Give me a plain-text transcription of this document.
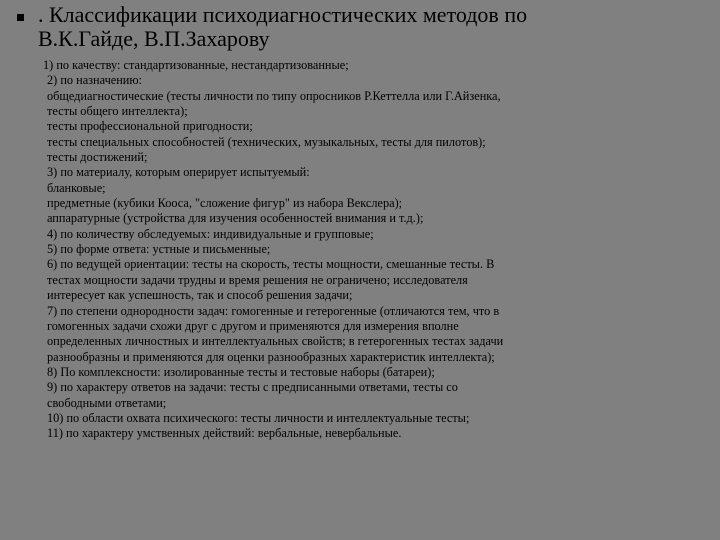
. Классификации психодиагностических методов по
В.К.Гайде, В.П.Захарову
1) по качеству: стандартизованные, нестандартизованные;
2) по назначению:
общедиагностические (тесты личности по типу опросников Р.Кеттелла или Г.Айзенка,
тесты общего интеллекта);
тесты профессиональной пригодности;
тесты специальных способностей (технических, музыкальных, тесты для пилотов);
тесты достижений;
3) по материалу, которым оперирует испытуемый:
бланковые;
предметные (кубики Кооса, "сложение фигур" из набора Векслера);
аппаратурные (устройства для изучения особенностей внимания и т.д.);
4) по количеству обследуемых: индивидуальные и групповые;
5) по форме ответа: устные и письменные;
6) по ведущей ориентации: тесты на скорость, тесты мощности, смешанные тесты. В
тестах мощности задачи трудны и время решения не ограничено; исследователя
интересует как успешность, так и способ решения задачи;
7) по степени однородности задач: гомогенные и гетерогенные (отличаются тем, что в
гомогенных задачи схожи друг с другом и применяются для измерения вполне
определенных личностных и интеллектуальных свойств; в гетерогенных тестах задачи
разнообразны и применяются для оценки разнообразных характеристик интеллекта);
8) По комплексности: изолированные тесты и тестовые наборы (батареи);
9) по характеру ответов на задачи: тесты с предписанными ответами, тесты со
свободными ответами;
10) по области охвата психического: тесты личности и интеллектуальные тесты;
11) по характеру умственных действий: вербальные, невербальные.
